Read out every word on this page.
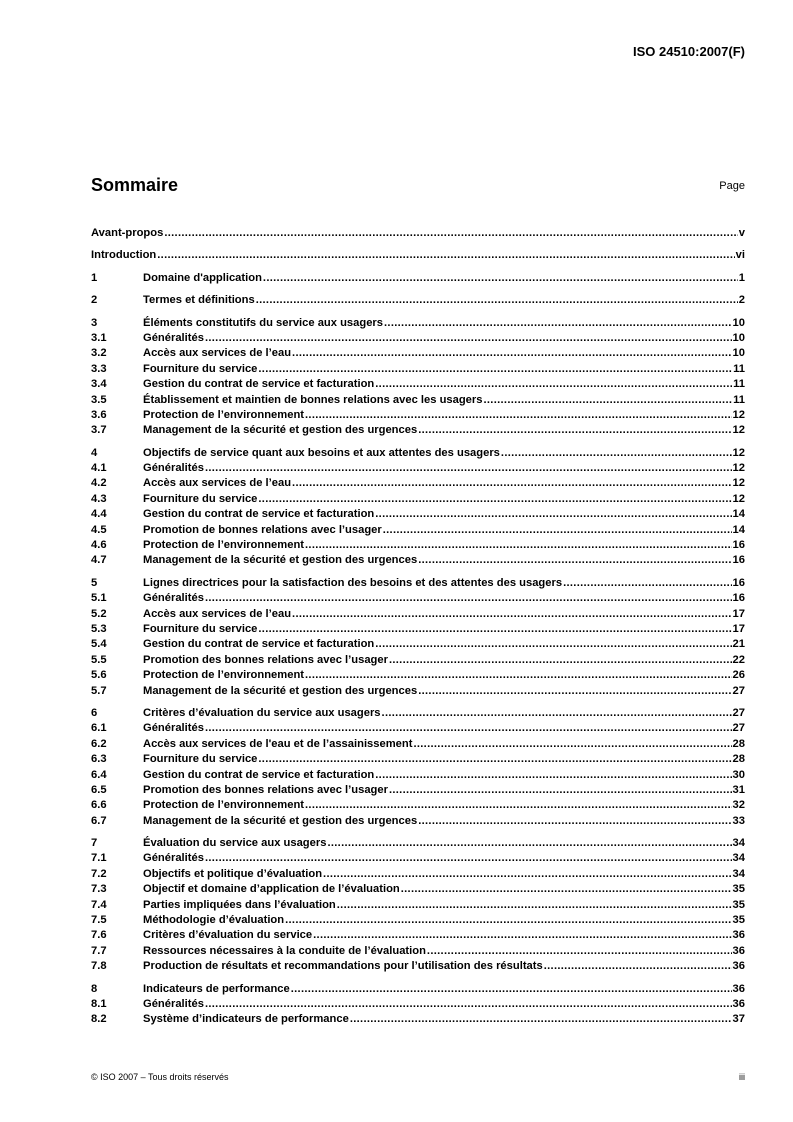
ISO 24510:2007(F)
Sommaire	Page
Avant-propos .....	v
Introduction .....	vi
1	Domaine d'application .....	1
2	Termes et définitions .....	2
3	Éléments constitutifs du service aux usagers .....	10
3.1	Généralités .....	10
3.2	Accès aux services de l’eau .....	10
3.3	Fourniture du service .....	11
3.4	Gestion du contrat de service et facturation .....	11
3.5	Établissement et maintien de bonnes relations avec les usagers .....	11
3.6	Protection de l’environnement .....	12
3.7	Management de la sécurité et gestion des urgences .....	12
4	Objectifs de service quant aux besoins et aux attentes des usagers .....	12
4.1	Généralités .....	12
4.2	Accès aux services de l’eau .....	12
4.3	Fourniture du service .....	12
4.4	Gestion du contrat de service et facturation .....	14
4.5	Promotion de bonnes relations avec l’usager .....	14
4.6	Protection de l’environnement .....	16
4.7	Management de la sécurité et gestion des urgences .....	16
5	Lignes directrices pour la satisfaction des besoins et des attentes des usagers .....	16
5.1	Généralités .....	16
5.2	Accès aux services de l’eau .....	17
5.3	Fourniture du service .....	17
5.4	Gestion du contrat de service et facturation .....	21
5.5	Promotion des bonnes relations avec l’usager .....	22
5.6	Protection de l’environnement .....	26
5.7	Management de la sécurité et gestion des urgences .....	27
6	Critères d’évaluation du service aux usagers .....	27
6.1	Généralités .....	27
6.2	Accès aux services de l'eau et de l’assainissement .....	28
6.3	Fourniture du service .....	28
6.4	Gestion du contrat de service et facturation .....	30
6.5	Promotion des bonnes relations avec l’usager .....	31
6.6	Protection de l’environnement .....	32
6.7	Management de la sécurité et gestion des urgences .....	33
7	Évaluation du service aux usagers .....	34
7.1	Généralités .....	34
7.2	Objectifs et politique d’évaluation .....	34
7.3	Objectif et domaine d’application de l’évaluation .....	35
7.4	Parties impliquées dans l’évaluation .....	35
7.5	Méthodologie d’évaluation .....	35
7.6	Critères d’évaluation du service .....	36
7.7	Ressources nécessaires à la conduite de l’évaluation .....	36
7.8	Production de résultats et recommandations pour l’utilisation des résultats .....	36
8	Indicateurs de performance .....	36
8.1	Généralités .....	36
8.2	Système d’indicateurs de performance .....	37
© ISO 2007 – Tous droits réservés	iii
